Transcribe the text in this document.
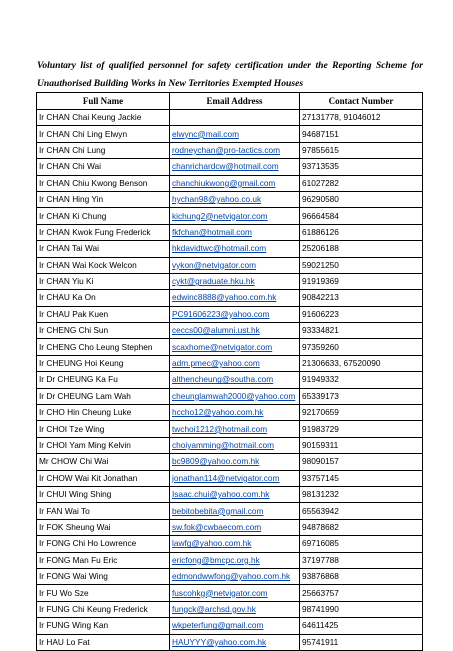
Voluntary list of qualified personnel for safety certification under the Reporting Scheme for Unauthorised Building Works in New Territories Exempted Houses
Full Name	Email Address	Contact Number
Ir CHAN Chai Keung Jackie		27131778, 91046012
Ir CHAN Chi Ling Elwyn	elwync@mail.com	94687151
Ir CHAN Chi Lung	rodneychan@pro-tactics.com	97855615
Ir CHAN Chi Wai	chanrichardcw@hotmail.com	93713535
Ir CHAN Chiu Kwong Benson	chanchiukwong@gmail.com	61027282
Ir CHAN Hing Yin	hychan98@yahoo.co.uk	96290580
Ir CHAN Ki Chung	kichung2@netvigator.com	96664584
Ir CHAN Kwok Fung Frederick	fkfchan@hotmail.com	61886126
Ir CHAN Tai Wai	hkdavidtwc@hotmail.com	25206188
Ir CHAN Wai Kock Welcon	vykon@netvigator.com	59021250
Ir CHAN Yiu Ki	cykt@graduate.hku.hk	91919369
Ir CHAU Ka On	edwinc8888@yahoo.com.hk	90842213
Ir CHAU Pak Kuen	PC91606223@yahoo.com	91606223
Ir CHENG Chi Sun	ceccs00@alumni.ust.hk	93334821
Ir CHENG Cho Leung Stephen	scaxhome@netvigator.com	97359260
Ir CHEUNG Hoi Keung	adm.pmec@yahoo.com	21306633, 67520090
Ir Dr CHEUNG Ka Fu	althencheung@southa.com	91949332
Ir Dr CHEUNG Lam Wah	cheunglamwah2000@yahoo.com	65339173
Ir CHO Hin Cheung Luke	hccho12@yahoo.com.hk	92170659
Ir CHOI Tze Wing	twchoi1212@hotmail.com	91983729
Ir CHOI Yam Ming Kelvin	choiyamming@hotmail.com	90159311
Mr CHOW Chi Wai	bc9809@yahoo.com.hk	98090157
Ir CHOW Wai Kit Jonathan	jonathan114@netvigator.com	93757145
Ir CHUI Wing Shing	Isaac.chui@yahoo.com.hk	98131232
Ir FAN Wai To	bebitobebita@gmail.com	65563942
Ir FOK Sheung Wai	sw.fok@cwbaecom.com	94878682
Ir FONG Chi Ho Lowrence	lawfg@yahoo.com.hk	69716085
Ir FONG Man Fu Eric	ericfong@bmcpc.org.hk	37197788
Ir FONG Wai Wing	edmondwwfong@yahoo.com.hk	93876868
Ir FU Wo Sze	fuscohkg@netvigator.com	25663757
Ir FUNG Chi Keung Frederick	fungck@archsd.gov.hk	98741990
Ir FUNG Wing Kan	wkpeterfung@gmail.com	64611425
Ir HAU Lo Fat	HAUYYY@yahoo.com.hk	95741911
